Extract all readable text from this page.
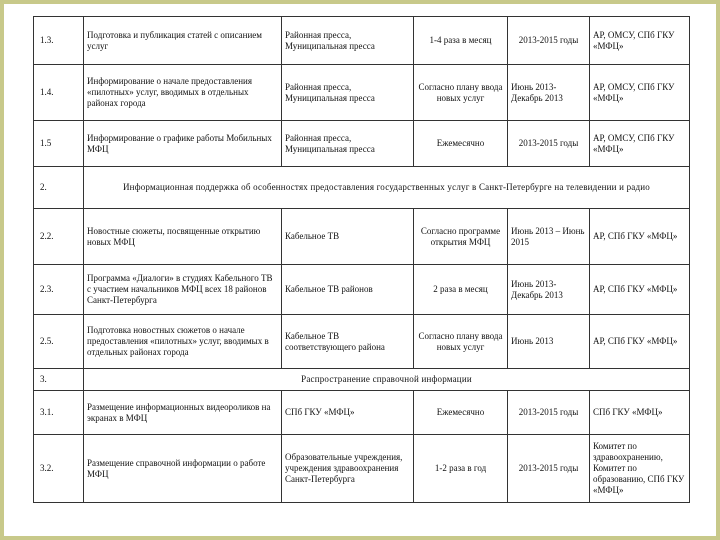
1.3.	Подготовка и публикация статей с описанием услуг	Районная пресса, Муниципальная пресса	1-4 раза в месяц	2013-2015 годы	АР, ОМСУ, СПб ГКУ «МФЦ»
1.4.	Информирование о начале предоставления «пилотных» услуг, вводимых в отдельных районах города	Районная пресса, Муниципальная пресса	Согласно плану ввода новых услуг	Июнь 2013- Декабрь 2013	АР, ОМСУ, СПб ГКУ «МФЦ»
1.5	Информирование о графике работы Мобильных МФЦ	Районная пресса, Муниципальная пресса	Ежемесячно	2013-2015 годы	АР, ОМСУ, СПб ГКУ «МФЦ»
2.	Информационная поддержка об особенностях предоставления государственных услуг в Санкт-Петербурге на телевидении и радио				
2.2.	Новостные сюжеты, посвященные открытию новых МФЦ	Кабельное ТВ	Согласно программе открытия МФЦ	Июнь 2013 – Июнь 2015	АР, СПб ГКУ «МФЦ»
2.3.	Программа «Диалоги» в студиях Кабельного ТВ с участием начальников МФЦ всех 18 районов Санкт-Петербурга	Кабельное ТВ районов	2 раза в месяц	Июнь 2013- Декабрь 2013	АР, СПб ГКУ «МФЦ»
2.5.	Подготовка новостных сюжетов о начале предоставления «пилотных» услуг, вводимых в отдельных районах города	Кабельное ТВ соответствующего района	Согласно плану ввода новых услуг	Июнь 2013	АР, СПб ГКУ «МФЦ»
3.	Распространение справочной информации				
3.1.	Размещение информационных видеороликов на экранах в МФЦ	СПб ГКУ «МФЦ»	Ежемесячно	2013-2015 годы	СПб ГКУ «МФЦ»
3.2.	Размещение справочной информации о работе МФЦ	Образовательные учреждения, учреждения здравоохранения Санкт-Петербурга	1-2 раза в год	2013-2015 годы	Комитет по здравоохранению, Комитет по образованию, СПб ГКУ «МФЦ»
